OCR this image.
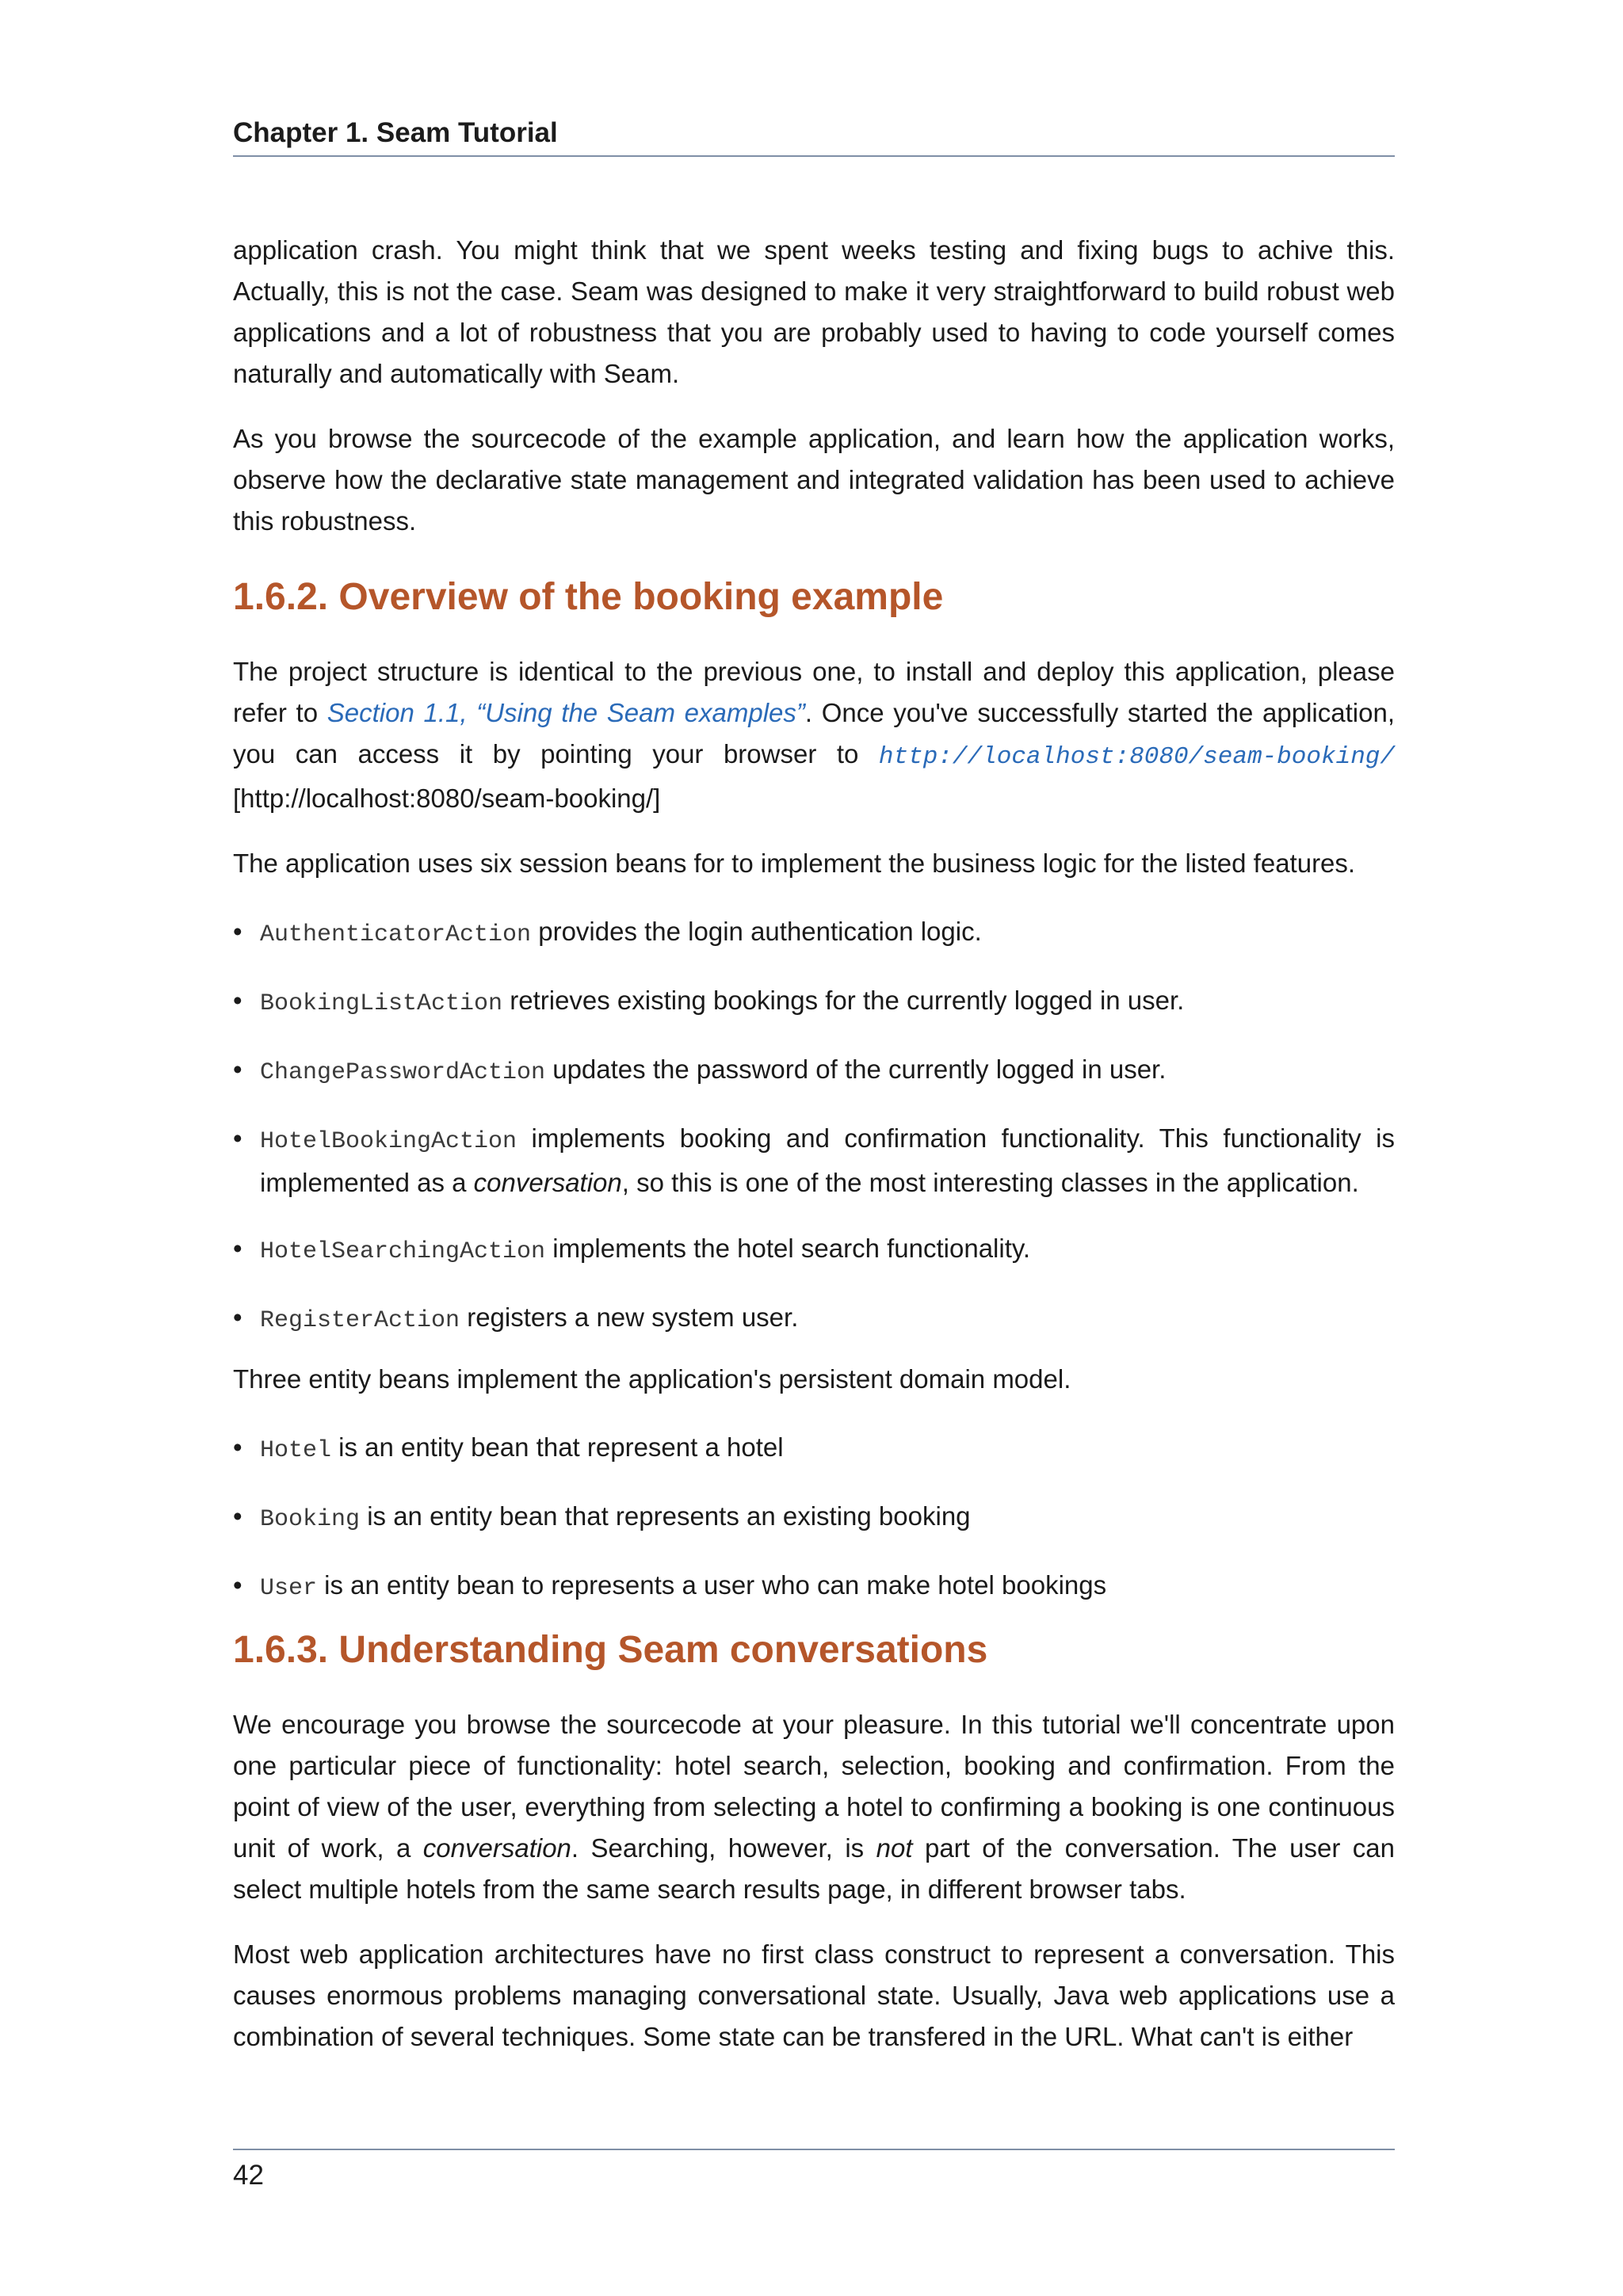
Chapter 1. Seam Tutorial

application crash. You might think that we spent weeks testing and fixing bugs to achive this. Actually, this is not the case. Seam was designed to make it very straightforward to build robust web applications and a lot of robustness that you are probably used to having to code yourself comes naturally and automatically with Seam.

As you browse the sourcecode of the example application, and learn how the application works, observe how the declarative state management and integrated validation has been used to achieve this robustness.

1.6.2. Overview of the booking example

The project structure is identical to the previous one, to install and deploy this application, please refer to Section 1.1, “Using the Seam examples”. Once you've successfully started the application, you can access it by pointing your browser to http://localhost:8080/seam-booking/ [http://localhost:8080/seam-booking/]

The application uses six session beans for to implement the business logic for the listed features.

• AuthenticatorAction provides the login authentication logic.
• BookingListAction retrieves existing bookings for the currently logged in user.
• ChangePasswordAction updates the password of the currently logged in user.
• HotelBookingAction implements booking and confirmation functionality. This functionality is implemented as a conversation, so this is one of the most interesting classes in the application.
• HotelSearchingAction implements the hotel search functionality.
• RegisterAction registers a new system user.

Three entity beans implement the application's persistent domain model.

• Hotel is an entity bean that represent a hotel
• Booking is an entity bean that represents an existing booking
• User is an entity bean to represents a user who can make hotel bookings
1.6.3. Understanding Seam conversations

We encourage you browse the sourcecode at your pleasure. In this tutorial we'll concentrate upon one particular piece of functionality: hotel search, selection, booking and confirmation. From the point of view of the user, everything from selecting a hotel to confirming a booking is one continuous unit of work, a conversation. Searching, however, is not part of the conversation. The user can select multiple hotels from the same search results page, in different browser tabs.

Most web application architectures have no first class construct to represent a conversation. This causes enormous problems managing conversational state. Usually, Java web applications use a combination of several techniques. Some state can be transfered in the URL. What can't is either

42
